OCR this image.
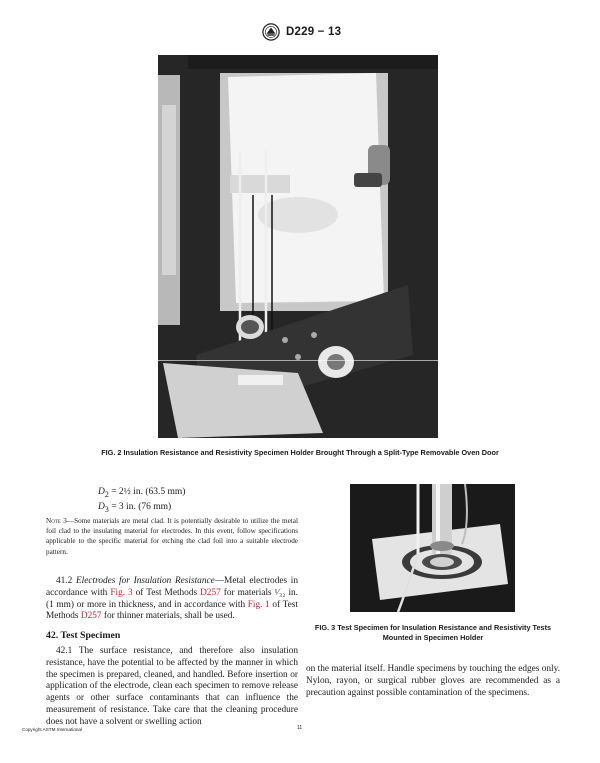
D229 − 13
FIG. 2 Insulation Resistance and Resistivity Specimen Holder Brought Through a Split-Type Removable Oven Door
$D_2$ = 2½ in. (63.5 mm)
$D_3 = 3$ in. (76 mm)
Note 3—Some materials are metal clad. It is potentially desirable to utilize the metal foil clad to the insulating material for electrodes. In this event, follow specifications applicable to the specific material for etching the clad foil into a suitable electrode pattern.
41.2 Electrodes for Insulation Resistance—Metal electrodes in accordance with Fig. 3 of Test Methods D257 for materials ¹⁄₃₂ in. (1 mm) or more in thickness, and in accordance with Fig. 1 of Test Methods D257 for thinner materials, shall be used.
42. Test Specimen
42.1 The surface resistance, and therefore also insulation resistance, have the potential to be affected by the manner in which the specimen is prepared, cleaned, and handled. Before insertion or application of the electrode, clean each specimen to remove release agents or other surface contaminants that can influence the measurement of resistance. Take care that the cleaning procedure does not have a solvent or swelling action
FIG. 3 Test Specimen for Insulation Resistance and Resistivity Tests Mounted in Specimen Holder
on the material itself. Handle specimens by touching the edges only. Nylon, rayon, or surgical rubber gloves are recommended as a precaution against possible contamination of the specimens.
Copyright ASTM International	11
